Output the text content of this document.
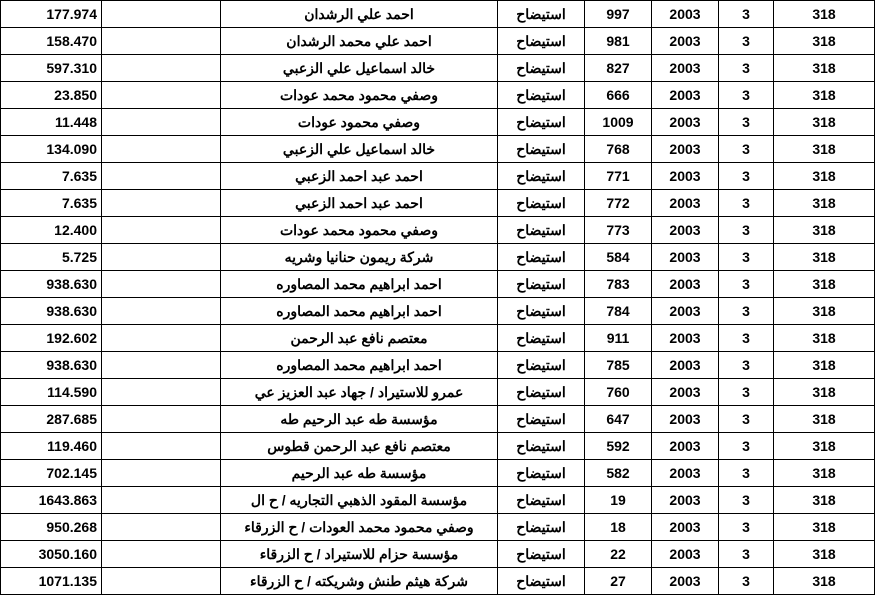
318	3	2003	997	استيضاح	احمد علي الرشدان		177.974
318	3	2003	981	استيضاح	احمد علي محمد الرشدان		158.470
318	3	2003	827	استيضاح	خالد اسماعيل علي الزعبي		597.310
318	3	2003	666	استيضاح	وصفي محمود محمد عودات		23.850
318	3	2003	1009	استيضاح	وصفي محمود عودات		11.448
318	3	2003	768	استيضاح	خالد اسماعيل علي الزعبي		134.090
318	3	2003	771	استيضاح	احمد عبد احمد الزعبي		7.635
318	3	2003	772	استيضاح	احمد عبد احمد الزعبي		7.635
318	3	2003	773	استيضاح	وصفي محمود محمد عودات		12.400
318	3	2003	584	استيضاح	شركة ريمون حنانيا وشريه		5.725
318	3	2003	783	استيضاح	احمد ابراهيم محمد المصاوره		938.630
318	3	2003	784	استيضاح	احمد ابراهيم محمد المصاوره		938.630
318	3	2003	911	استيضاح	معتصم نافع عبد الرحمن		192.602
318	3	2003	785	استيضاح	احمد ابراهيم محمد المصاوره		938.630
318	3	2003	760	استيضاح	عمرو للاستيراد / جهاد عبد العزيز عي		114.590
318	3	2003	647	استيضاح	مؤسسة طه عبد الرحيم طه		287.685
318	3	2003	592	استيضاح	معتصم نافع عبد الرحمن قطوس		119.460
318	3	2003	582	استيضاح	مؤسسة طه عبد الرحيم		702.145
318	3	2003	19	استيضاح	مؤسسة المقود الذهبي التجاريه / ح ال		1643.863
318	3	2003	18	استيضاح	وصفي محمود محمد العودات / ح الزرقاء		950.268
318	3	2003	22	استيضاح	مؤسسة حزام للاستيراد / ح الزرقاء		3050.160
318	3	2003	27	استيضاح	شركة هيثم طنش وشريكته / ح الزرقاء		1071.135
